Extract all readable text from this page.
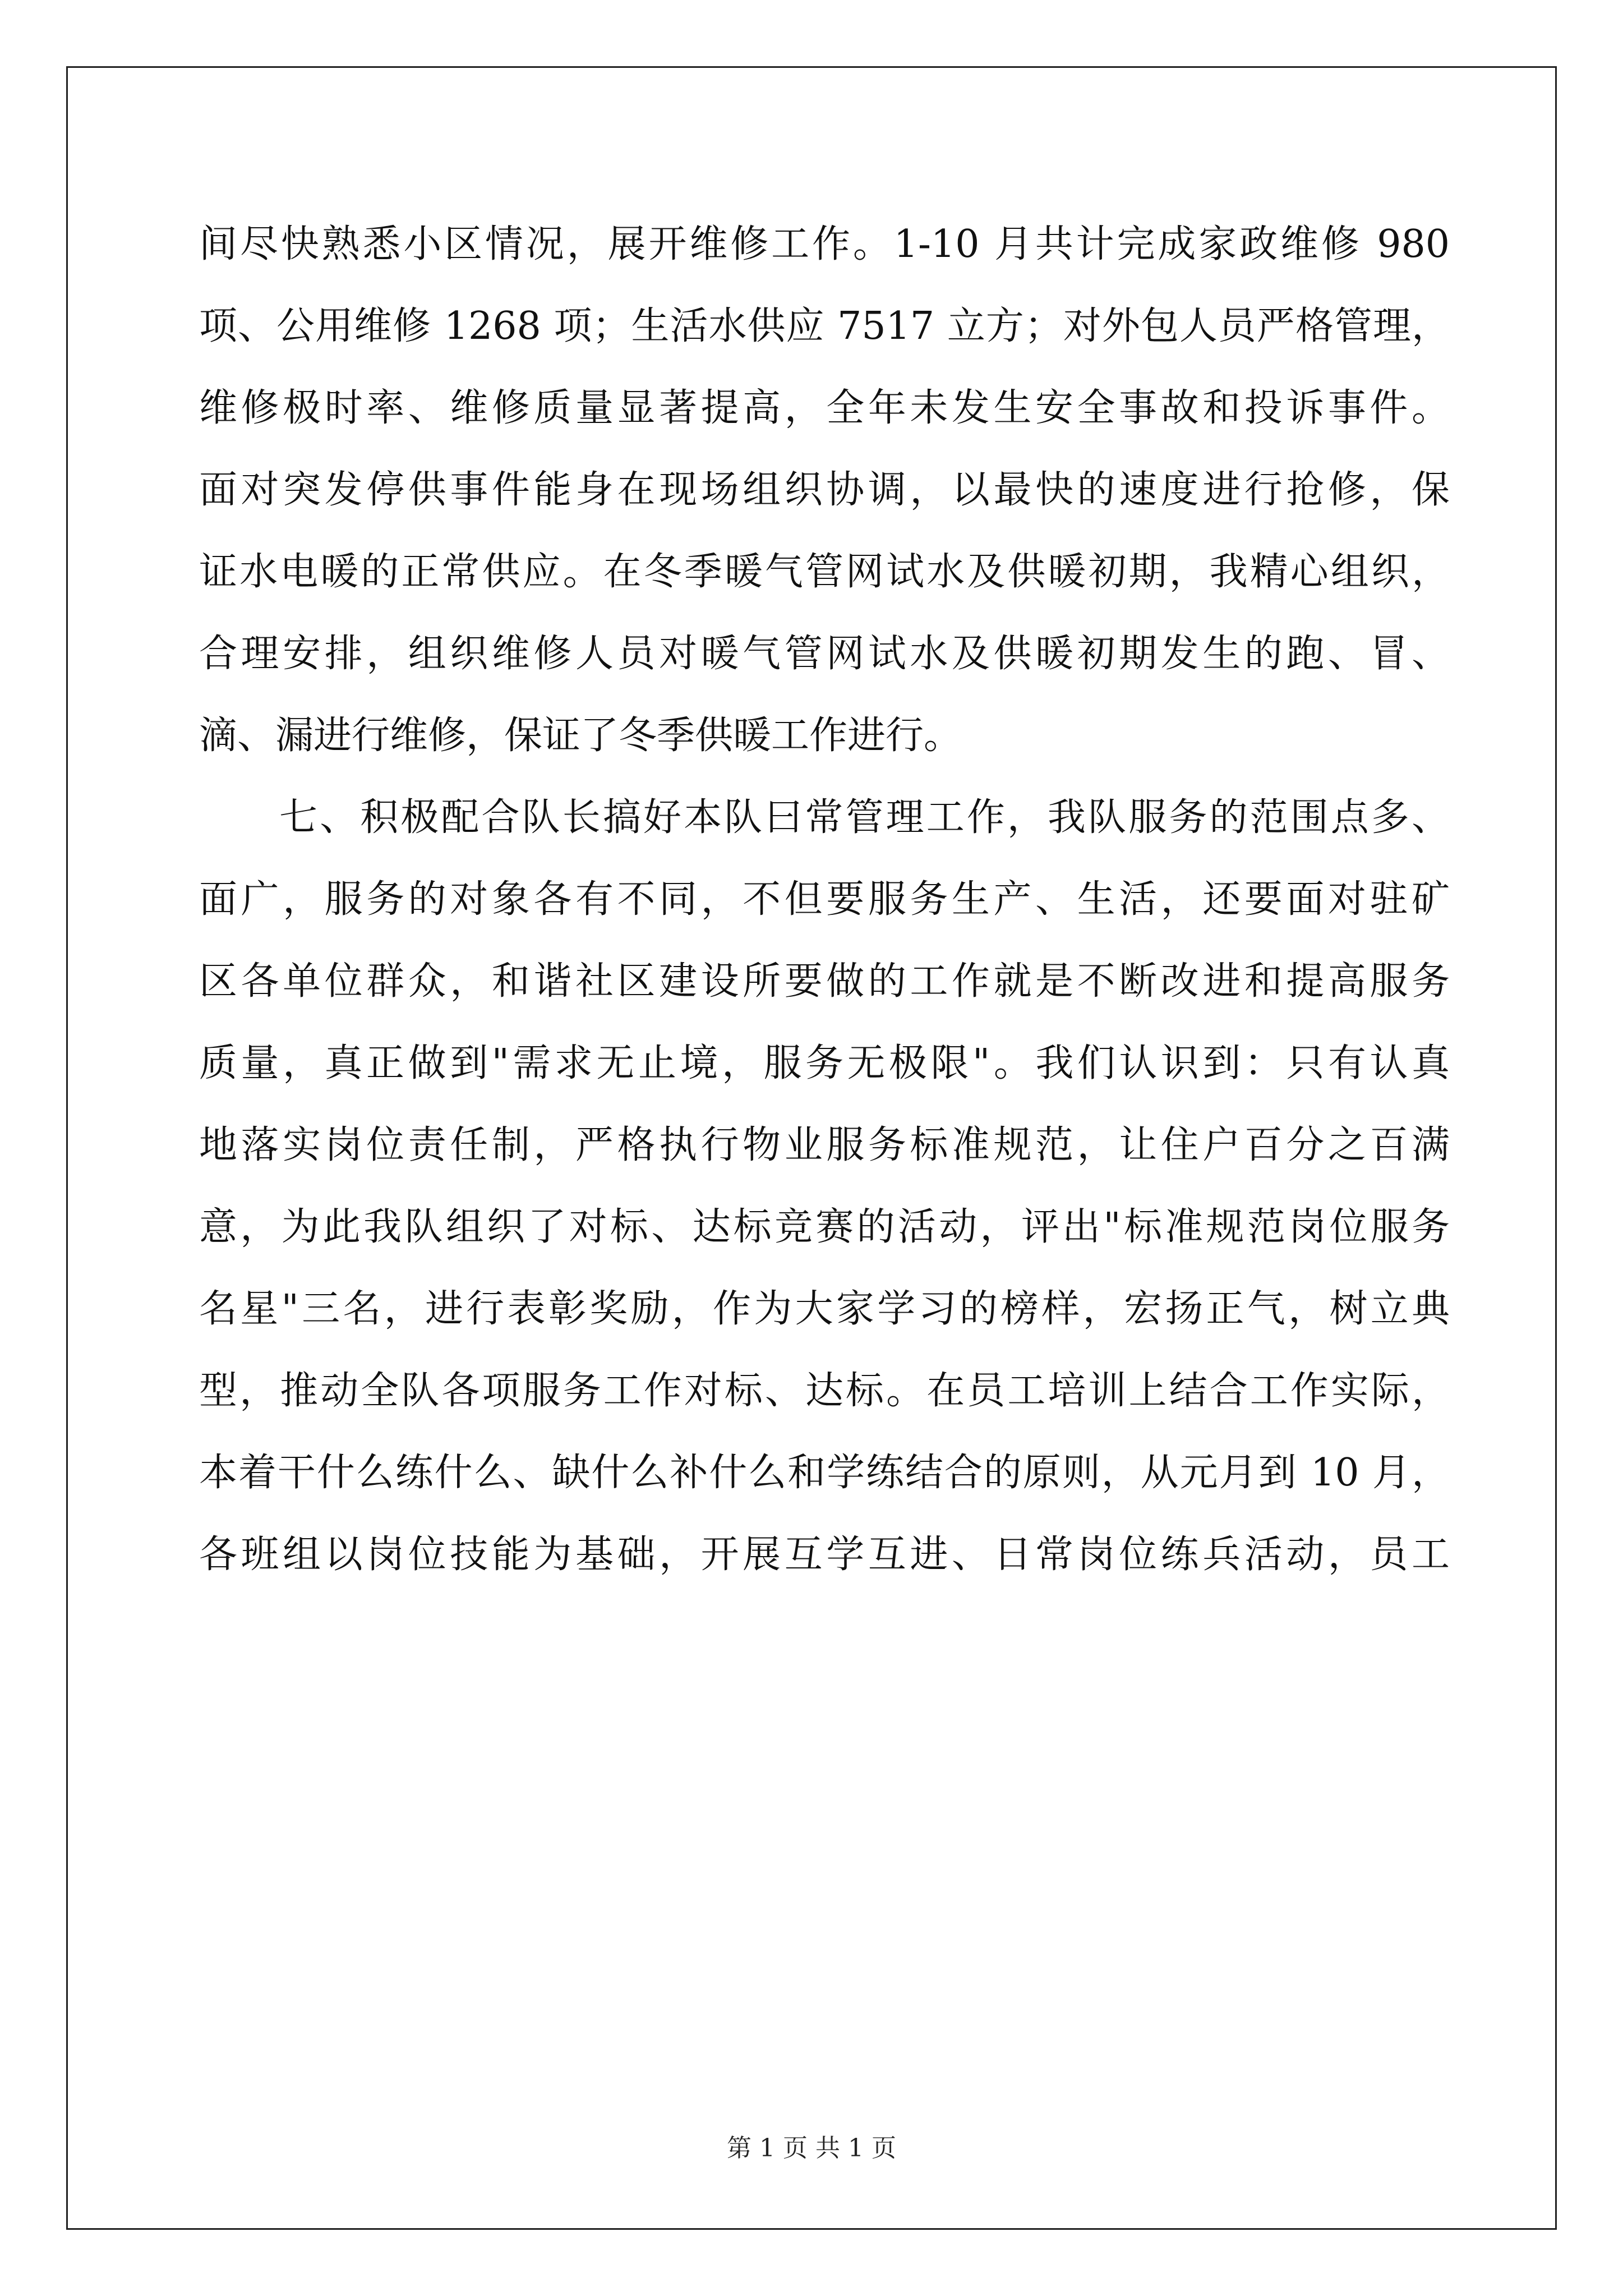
间尽快熟悉小区情况，展开维修工作。1-10 月共计完成家政维修 980
项、公用维修 1268 项；生活水供应 7517 立方；对外包人员严格管理，
维修极时率、维修质量显著提高，全年未发生安全事故和投诉事件。
面对突发停供事件能身在现场组织协调，以最快的速度进行抢修，保
证水电暖的正常供应。在冬季暖气管网试水及供暖初期，我精心组织，
合理安排，组织维修人员对暖气管网试水及供暖初期发生的跑、冒、
滴、漏进行维修，保证了冬季供暖工作进行。
七、积极配合队长搞好本队曰常管理工作，我队服务的范围点多、
面广，服务的对象各有不同，不但要服务生产、生活，还要面对驻矿
区各单位群众，和谐社区建设所要做的工作就是不断改进和提高服务
质量，真正做到"需求无止境，服务无极限"。我们认识到：只有认真
地落实岗位责任制，严格执行物业服务标准规范，让住户百分之百满
意，为此我队组织了对标、达标竞赛的活动，评出"标准规范岗位服务
名星"三名，进行表彰奖励，作为大家学习的榜样，宏扬正气，树立典
型，推动全队各项服务工作对标、达标。在员工培训上结合工作实际，
本着干什么练什么、缺什么补什么和学练结合的原则，从元月到 10 月，
各班组以岗位技能为基础，开展互学互进、日常岗位练兵活动，员工
第 1 页 共 1 页
